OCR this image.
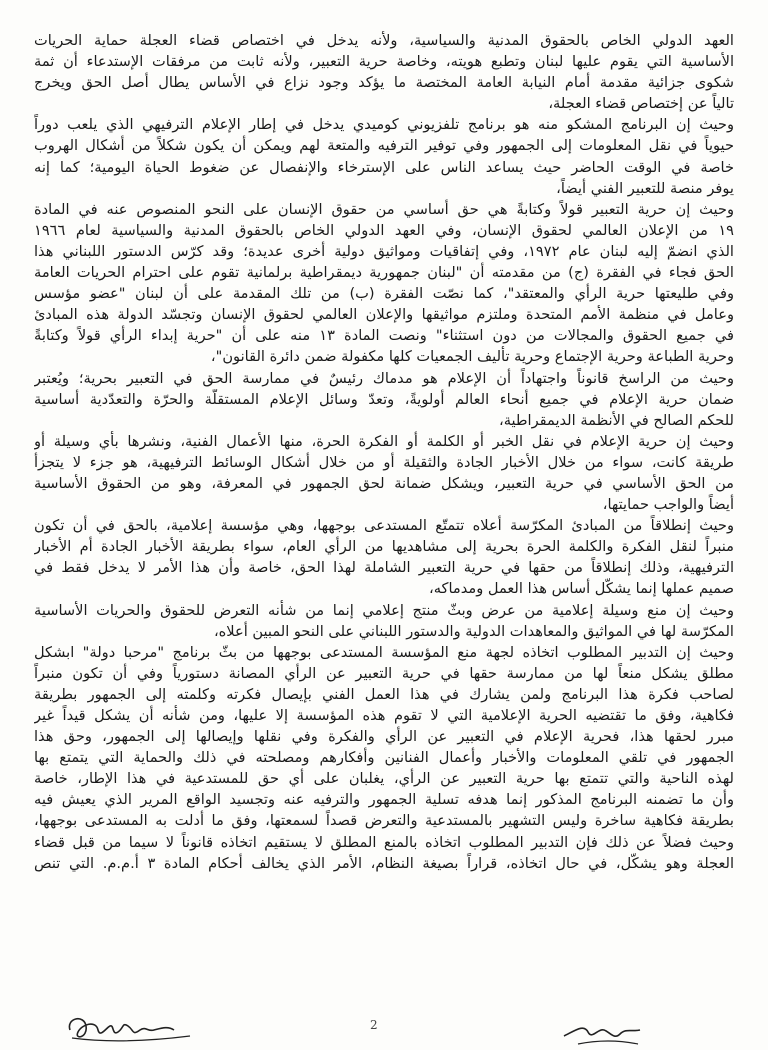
العهد الدولي الخاص بالحقوق المدنية والسياسية، ولأنه يدخل في اختصاص قضاء العجلة حماية الحريات
الأساسية التي يقوم عليها لبنان وتطبع هويته، وخاصة حرية التعبير، ولأنه ثابت من مرفقات الإستدعاء أن ثمة
شكوى جزائية مقدمة أمام النيابة العامة المختصة ما يؤكد وجود نزاع في الأساس يطال أصل الحق ويخرج
تالياً عن إختصاص قضاء العجلة،
وحيث إن البرنامج المشكو منه هو برنامج تلفزيوني كوميدي يدخل في إطار الإعلام الترفيهي الذي يلعب دوراً
حيوياً في نقل المعلومات إلى الجمهور وفي توفير الترفيه والمتعة لهم ويمكن أن يكون شكلاً من أشكال الهروب
خاصة في الوقت الحاضر حيث يساعد الناس على الإسترخاء والإنفصال عن ضغوط الحياة اليومية؛ كما إنه
يوفر منصة للتعبير الفني أيضاً،
وحيث إن حرية التعبير قولاً وكتابةً هي حق أساسي من حقوق الإنسان على النحو المنصوص عنه في المادة
١٩ من الإعلان العالمي لحقوق الإنسان، وفي العهد الدولي الخاص بالحقوق المدنية والسياسية لعام ١٩٦٦
الذي انضمّ إليه لبنان عام ١٩٧٢، وفي إتفاقيات ومواثيق دولية أخرى عديدة؛ وقد كرّس الدستور اللبناني هذا
الحق فجاء في الفقرة (ج) من مقدمته أن "لبنان جمهورية ديمقراطية برلمانية تقوم على احترام الحريات العامة
وفي طليعتها حرية الرأي والمعتقد"، كما نصّت الفقرة (ب) من تلك المقدمة على أن لبنان "عضو مؤسس
وعامل في منظمة الأمم المتحدة وملتزم مواثيقها والإعلان العالمي لحقوق الإنسان وتجسّد الدولة هذه المبادئ
في جميع الحقوق والمجالات من دون استثناء" ونصت المادة ١٣ منه على أن "حرية إبداء الرأي قولاً وكتابةً
وحرية الطباعة وحرية الإجتماع وحرية تأليف الجمعيات كلها مكفولة ضمن دائرة القانون"،
وحيث من الراسخ قانوناً واجتهاداً أن الإعلام هو مدماك رئيسٌ في ممارسة الحق في التعبير بحرية؛ ويُعتبر
ضمان حرية الإعلام في جميع أنحاء العالم أولويةً، وتعدّ وسائل الإعلام المستقلّة والحرّة والتعدّدية أساسية
للحكم الصالح في الأنظمة الديمقراطية،
وحيث إن حرية الإعلام في نقل الخبر أو الكلمة أو الفكرة الحرة، منها الأعمال الفنية، ونشرها بأي وسيلة أو
طريقة كانت، سواء من خلال الأخبار الجادة والثقيلة أو من خلال أشكال الوسائط الترفيهية، هو جزء لا يتجزأ
من الحق الأساسي في حرية التعبير، ويشكل ضمانة لحق الجمهور في المعرفة، وهو من الحقوق الأساسية
أيضاً والواجب حمايتها،
وحيث إنطلاقاً من المبادئ المكرّسة أعلاه تتمتّع المستدعى بوجهها، وهي مؤسسة إعلامية، بالحق في أن تكون
منبراً لنقل الفكرة والكلمة الحرة بحرية إلى مشاهديها من الرأي العام، سواء بطريقة الأخبار الجادة أم الأخبار
الترفيهية، وذلك إنطلاقاً من حقها في حرية التعبير الشاملة لهذا الحق، خاصة وأن هذا الأمر لا يدخل فقط في
صميم عملها إنما يشكّل أساس هذا العمل ومدماكه،
وحيث إن منع وسيلة إعلامية من عرض وبثّ منتج إعلامي إنما من شأنه التعرض للحقوق والحريات الأساسية
المكرّسة لها في المواثيق والمعاهدات الدولية والدستور اللبناني على النحو المبين أعلاه،
وحيث إن التدبير المطلوب اتخاذه لجهة منع المؤسسة المستدعى بوجهها من بثّ برنامج "مرحبا دولة" ابشكل
مطلق يشكل منعاً لها من ممارسة حقها في حرية التعبير عن الرأي المصانة دستورياً وفي أن تكون منبراً
لصاحب فكرة هذا البرنامج ولمن يشارك في هذا العمل الفني بإيصال فكرته وكلمته إلى الجمهور بطريقة
فكاهية، وفق ما تقتضيه الحرية الإعلامية التي لا تقوم هذه المؤسسة إلا عليها، ومن شأنه أن يشكل قيداً غير
مبرر لحقها هذا، فحرية الإعلام في التعبير عن الرأي والفكرة وفي نقلها وإيصالها إلى الجمهور، وحق هذا
الجمهور في تلقي المعلومات والأخبار وأعمال الفنانين وأفكارهم ومصلحته في ذلك والحماية التي يتمتع بها
لهذه الناحية والتي تتمتع بها حرية التعبير عن الرأي، يغلبان على أي حق للمستدعية في هذا الإطار، خاصة
وأن ما تضمنه البرنامج المذكور إنما هدفه تسلية الجمهور والترفيه عنه وتجسيد الواقع المرير الذي يعيش فيه
بطريقة فكاهية ساخرة وليس التشهير بالمستدعية والتعرض قصداً لسمعتها، وفق ما أدلت به المستدعى بوجهها،
وحيث فضلاً عن ذلك فإن التدبير المطلوب اتخاذه بالمنع المطلق لا يستقيم اتخاذه قانوناً لا سيما من قبل قضاء
العجلة وهو يشكّل، في حال اتخاذه، قراراً بصيغة النظام، الأمر الذي يخالف أحكام المادة ٣ أ.م.م. التي تنص
2
